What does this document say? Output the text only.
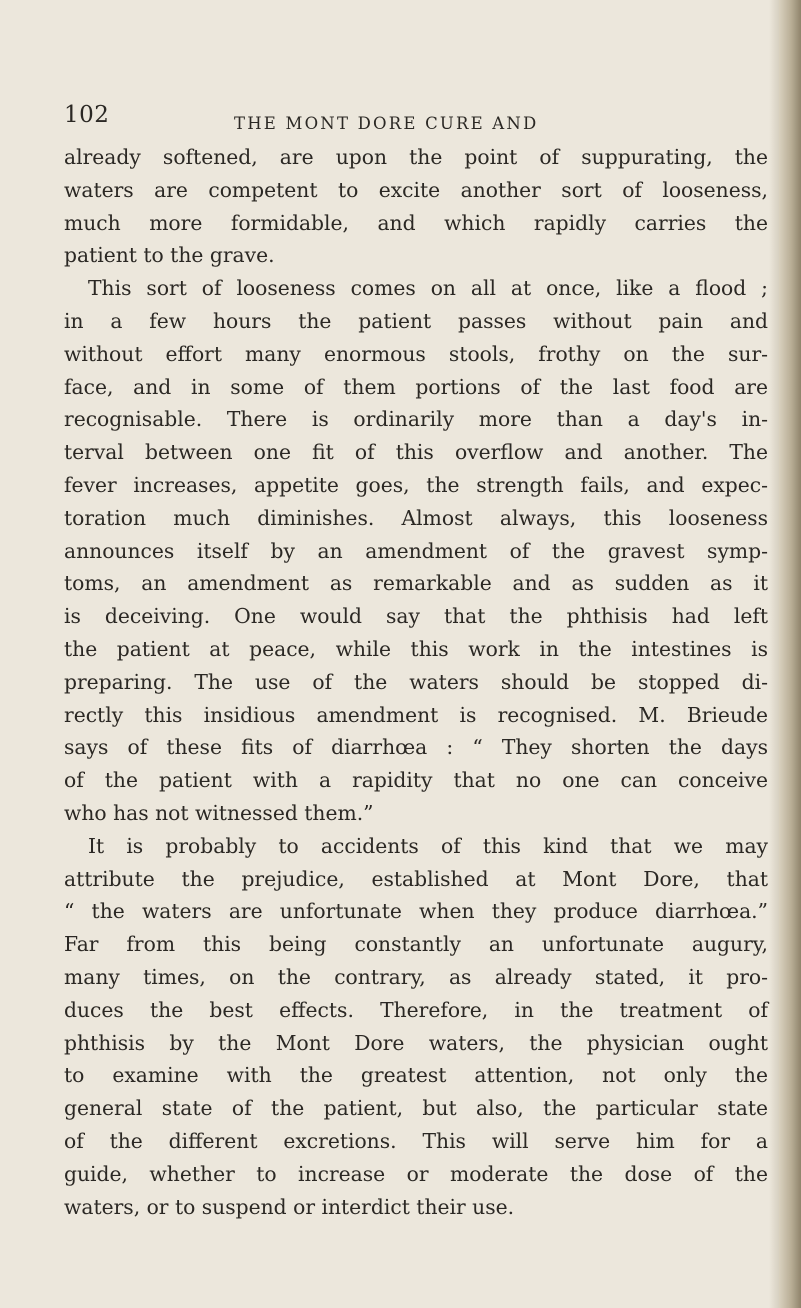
102	THE MONT DORE CURE AND
already softened, are upon the point of suppurating, the
waters are competent to excite another sort of looseness,
much more formidable, and which rapidly carries the
patient to the grave.
This sort of looseness comes on all at once, like a flood ;
in a few hours the patient passes without pain and
without effort many enormous stools, frothy on the sur-
face, and in some of them portions of the last food are
recognisable. There is ordinarily more than a day's in-
terval between one fit of this overflow and another. The
fever increases, appetite goes, the strength fails, and expec-
toration much diminishes. Almost always, this looseness
announces itself by an amendment of the gravest symp-
toms, an amendment as remarkable and as sudden as it
is deceiving. One would say that the phthisis had left
the patient at peace, while this work in the intestines is
preparing. The use of the waters should be stopped di-
rectly this insidious amendment is recognised. M. Brieude
says of these fits of diarrhœa : “ They shorten the days
of the patient with a rapidity that no one can conceive
who has not witnessed them.”
It is probably to accidents of this kind that we may
attribute the prejudice, established at Mont Dore, that
“ the waters are unfortunate when they produce diarrhœa.”
Far from this being constantly an unfortunate augury,
many times, on the contrary, as already stated, it pro-
duces the best effects. Therefore, in the treatment of
phthisis by the Mont Dore waters, the physician ought
to examine with the greatest attention, not only the
general state of the patient, but also, the particular state
of the different excretions. This will serve him for a
guide, whether to increase or moderate the dose of the
waters, or to suspend or interdict their use.
